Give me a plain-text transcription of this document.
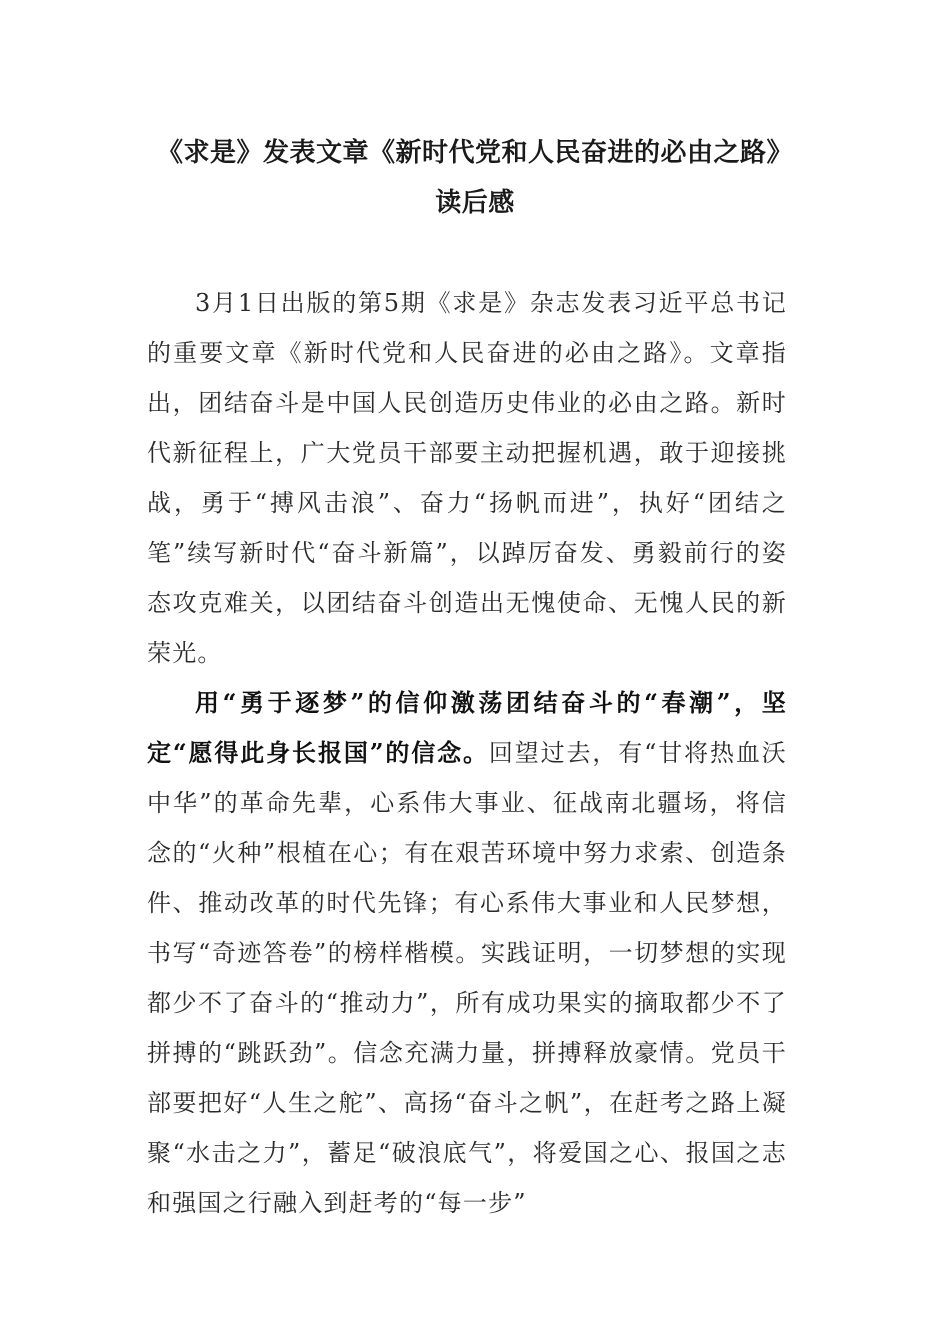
《求是》发表文章《新时代党和人民奋进的必由之路》读后感

3月1日出版的第5期《求是》杂志发表习近平总书记的重要文章《新时代党和人民奋进的必由之路》。文章指出，团结奋斗是中国人民创造历史伟业的必由之路。新时代新征程上，广大党员干部要主动把握机遇，敢于迎接挑战，勇于“搏风击浪”、奋力“扬帆而进”，执好“团结之笔”续写新时代“奋斗新篇”，以踔厉奋发、勇毅前行的姿态攻克难关，以团结奋斗创造出无愧使命、无愧人民的新荣光。

用“勇于逐梦”的信仰激荡团结奋斗的“春潮”，坚定“愿得此身长报国”的信念。回望过去，有“甘将热血沃中华”的革命先辈，心系伟大事业、征战南北疆场，将信念的“火种”根植在心；有在艰苦环境中努力求索、创造条件、推动改革的时代先锋；有心系伟大事业和人民梦想，书写“奇迹答卷”的榜样楷模。实践证明，一切梦想的实现都少不了奋斗的“推动力”，所有成功果实的摘取都少不了拼搏的“跳跃劲”。信念充满力量，拼搏释放豪情。党员干部要把好“人生之舵”、高扬“奋斗之帆”，在赶考之路上凝聚“水击之力”，蓄足“破浪底气”，将爱国之心、报国之志和强国之行融入到赶考的“每一步”
